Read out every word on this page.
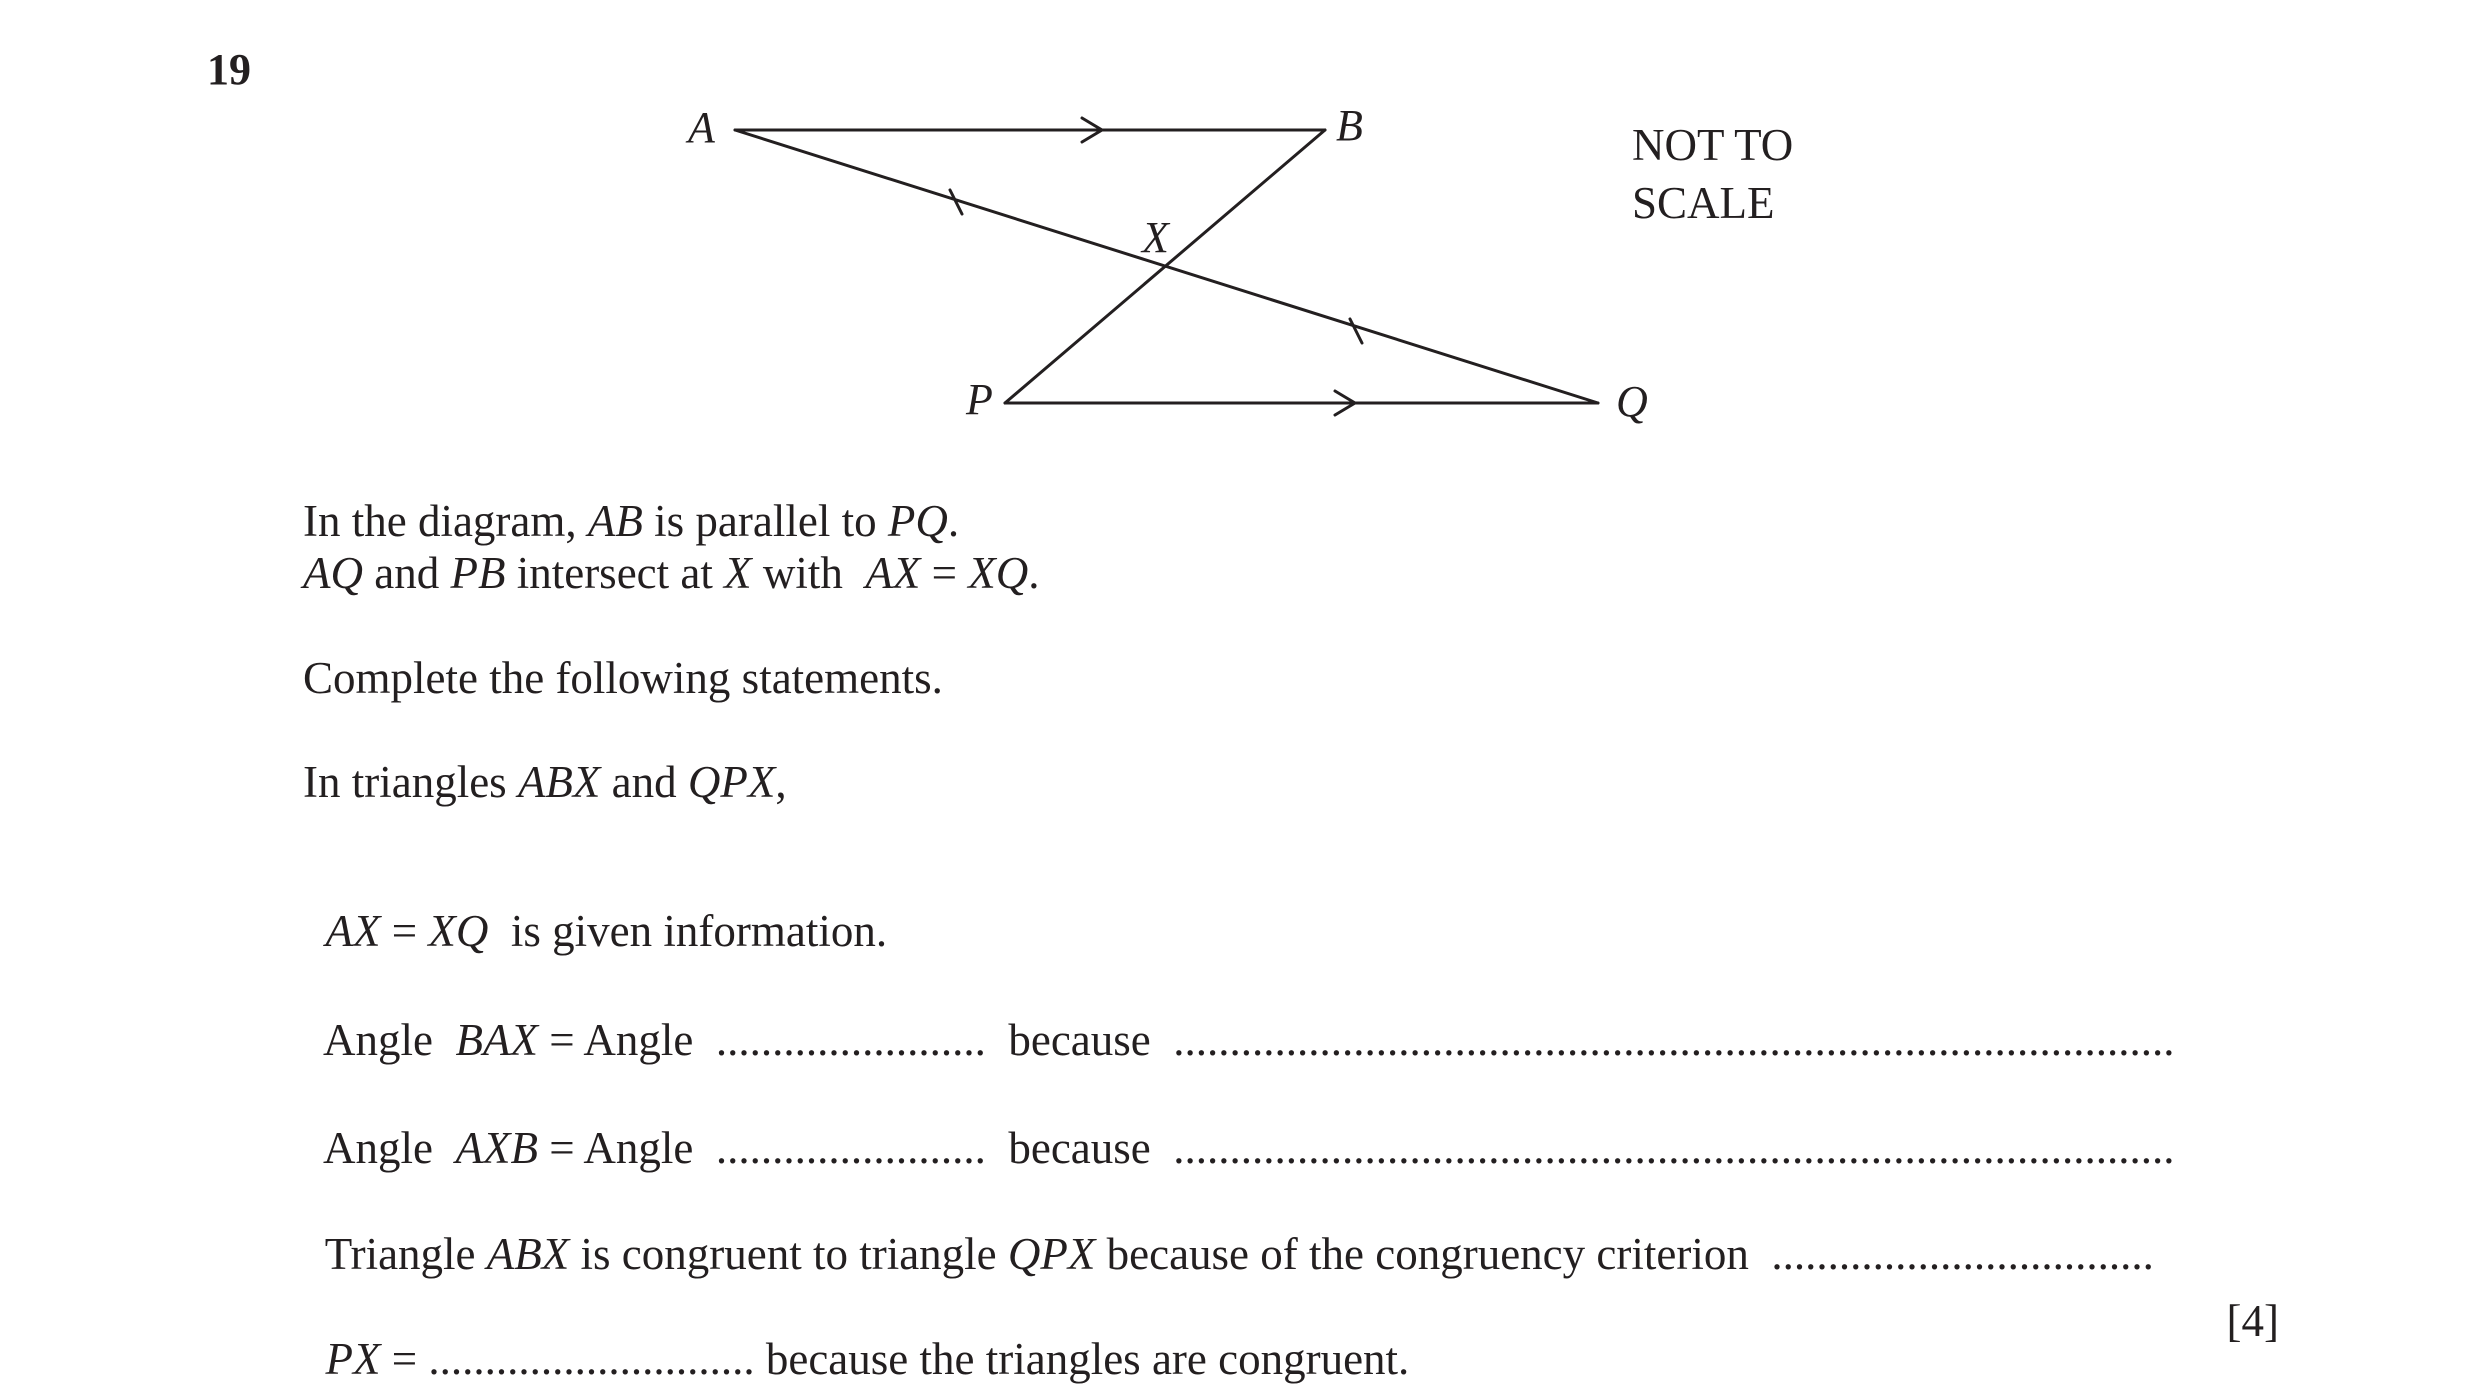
19
A	B
X
P	Q
NOT TO
SCALE
In the diagram, AB is parallel to PQ.
AQ and PB intersect at X with  AX = XQ.
Complete the following statements.
In triangles ABX and QPX,

AX = XQ  is given information.

Angle  BAX = Angle  ........................  because  .........................................................................................

Angle  AXB = Angle  ........................  because  .........................................................................................

Triangle ABX is congruent to triangle QPX because of the congruency criterion  ..................................

PX = ............................. because the triangles are congruent.

[4]
